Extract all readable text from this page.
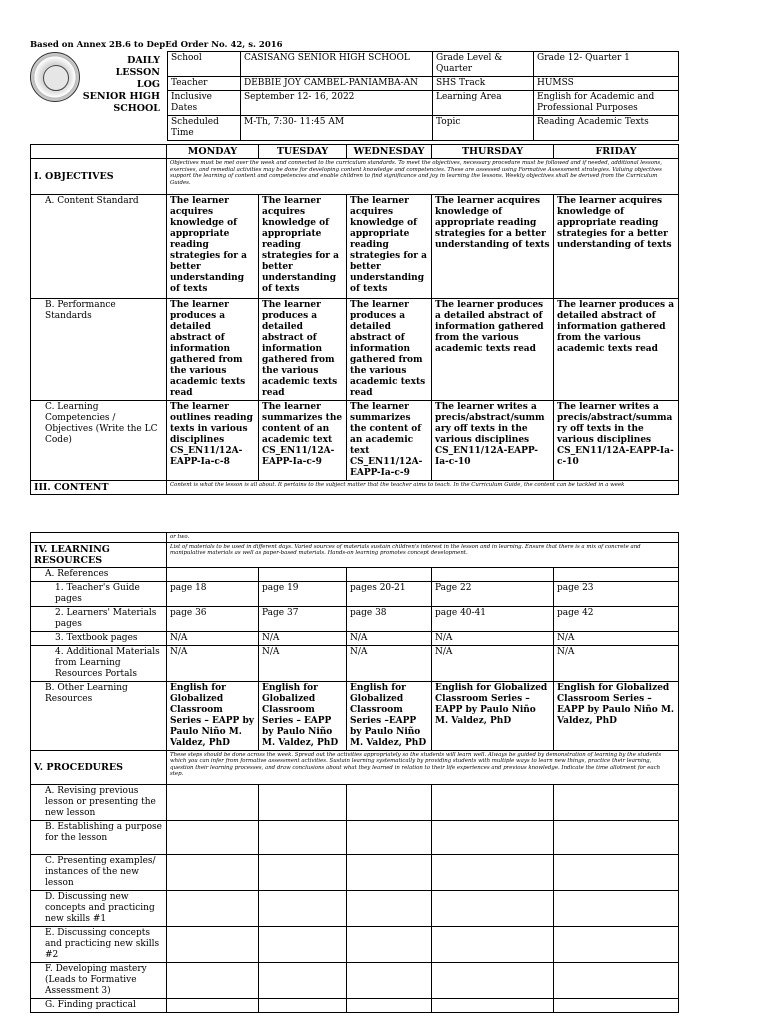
Based on Annex 2B.6 to DepEd Order No. 42, s. 2016
DAILY
LESSON
LOG
SENIOR HIGH SCHOOL
School	CASISANG SENIOR HIGH SCHOOL	Grade Level & Quarter	Grade 12- Quarter 1
Teacher	DEBBIE JOY CAMBEL-PANIAMBA-AN	SHS Track	HUMSS
Inclusive Dates	September 12- 16, 2022	Learning Area	English for Academic and Professional Purposes
Scheduled Time	M-Th, 7:30- 11:45 AM	Topic	Reading Academic Texts
	MONDAY	TUESDAY	WEDNESDAY	THURSDAY	FRIDAY
I. OBJECTIVES	Objectives must be met over the week and connected to the curriculum standards. To meet the objectives, necessary procedure must be followed and if needed, additional lessons, exercises, and remedial activities may be done for developing content knowledge and competencies. These are assessed using Formative Assessment strategies. Valuing objectives support the learning of content and competencies and enable children to find significance and joy in learning the lessons. Weekly objectives shall be derived from the Curriculum Guides.				
A. Content Standard	The learner acquires knowledge of appropriate reading strategies for a better understanding of texts	The learner acquires knowledge of appropriate reading strategies for a better understanding of texts	The learner acquires knowledge of appropriate reading strategies for a better understanding of texts	The learner acquires knowledge of appropriate reading strategies for a better understanding of texts	The learner acquires knowledge of appropriate reading strategies for a better understanding of texts
B. Performance Standards	The learner produces a detailed abstract of information gathered from the various academic texts read	The learner produces a detailed abstract of information gathered from the various academic texts read	The learner produces a detailed abstract of information gathered from the various academic texts read	The learner produces a detailed abstract of information gathered from the various academic texts read	The learner produces a detailed abstract of information gathered from the various academic texts read
C. Learning Competencies / Objectives (Write the LC Code)	The learner outlines reading texts in various disciplines CS_EN11/12A-EAPP-Ia-c-8	The learner summarizes the content of an academic text CS_EN11/12A-EAPP-Ia-c-9	The learner summarizes the content of an academic text CS_EN11/12A-EAPP-Ia-c-9	The learner writes a precis/abstract/summary off texts in the various disciplines CS_EN11/12A-EAPP-Ia-c-10	The learner writes a precis/abstract/summary off texts in the various disciplines CS_EN11/12A-EAPP-Ia-c-10
III. CONTENT	Content is what the lesson is all about. It pertains to the subject matter that the teacher aims to teach. In the Curriculum Guide, the content can be tackled in a week				
	or two.				
IV. LEARNING RESOURCES	List of materials to be used in different days. Varied sources of materials sustain children's interest in the lesson and in learning. Ensure that there is a mix of concrete and manipulative materials as well as paper-based materials. Hands-on learning promotes concept development.				
A. References					
1. Teacher's Guide pages	page 18	page 19	pages 20-21	Page 22	page 23
2. Learners' Materials pages	page 36	Page 37	page 38	page 40-41	page 42
3. Textbook pages	N/A	N/A	N/A	N/A	N/A
4. Additional Materials from Learning Resources Portals	N/A	N/A	N/A	N/A	N/A
B. Other Learning Resources	English for Globalized Classroom Series – EAPP by Paulo Niño M. Valdez, PhD	English for Globalized Classroom Series – EAPP by Paulo Niño M. Valdez, PhD	English for Globalized Classroom Series –EAPP by Paulo Niño M. Valdez, PhD	English for Globalized Classroom Series – EAPP by Paulo Niño M. Valdez, PhD	English for Globalized Classroom Series – EAPP by Paulo Niño M. Valdez, PhD
V. PROCEDURES	These steps should be done across the week. Spread out the activities appropriately so the students will learn well. Always be guided by demonstration of learning by the students which you can infer from formative assessment activities. Sustain learning systematically by providing students with multiple ways to learn new things, practice their learning, question their learning processes, and draw conclusions about what they learned in relation to their life experiences and previous knowledge. Indicate the time allotment for each step.				
A. Revising previous lesson or presenting the new lesson					
B. Establishing a purpose for the lesson					
C. Presenting examples/ instances of the new lesson					
D. Discussing new concepts and practicing new skills #1					
E. Discussing concepts and practicing new skills #2					
F. Developing mastery (Leads to Formative Assessment 3)					
G. Finding practical					
